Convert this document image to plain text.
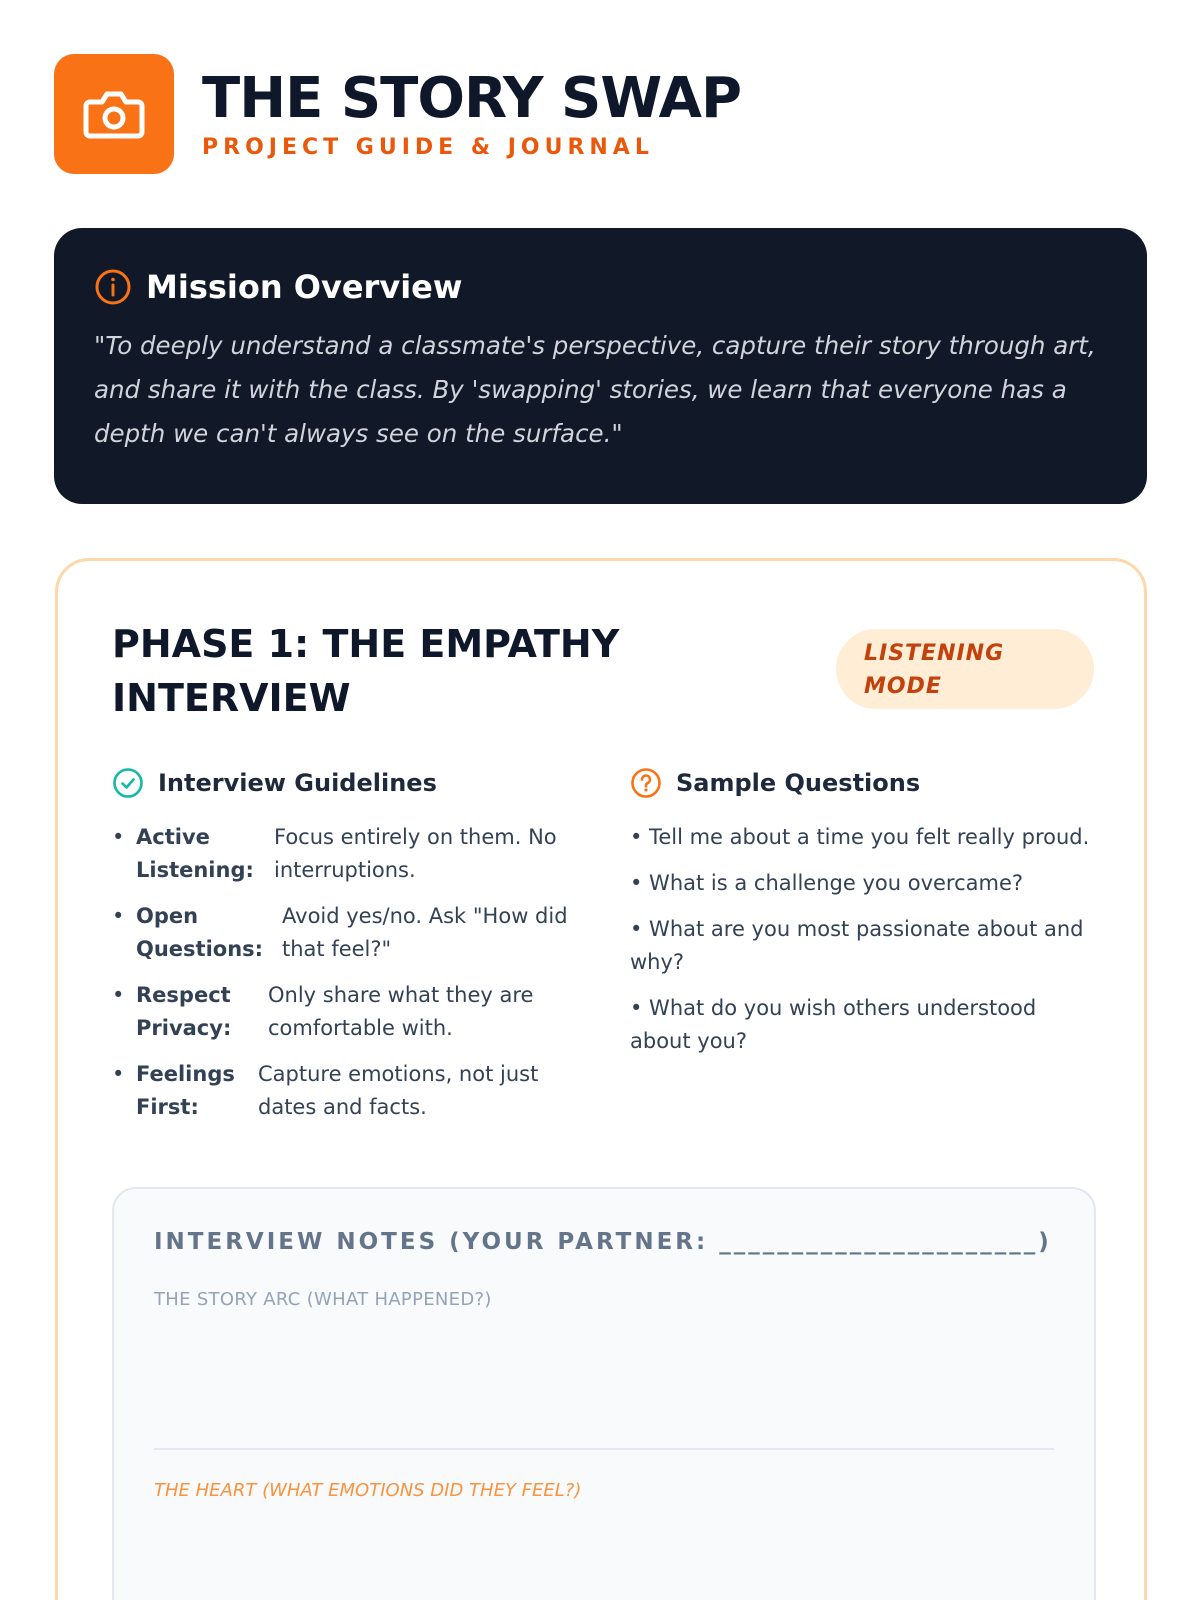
THE STORY SWAP
PROJECT GUIDE & JOURNAL
Mission Overview
"To deeply understand a classmate's perspective, capture their story through art, and share it with the class. By 'swapping' stories, we learn that everyone has a depth we can't always see on the surface."
PHASE 1: THE EMPATHY INTERVIEW
LISTENING MODE
Interview Guidelines
• Active Listening:
Focus entirely on them. No interruptions.
• Open Questions:
Avoid yes/no. Ask "How did that feel?"
• Respect Privacy:
Only share what they are comfortable with.
• Feelings First:
Capture emotions, not just dates and facts.
Sample Questions
• Tell me about a time you felt really proud.
• What is a challenge you overcame?
• What are you most passionate about and why?
• What do you wish others understood about you?
INTERVIEW NOTES (YOUR PARTNER: ______________________)
THE STORY ARC (WHAT HAPPENED?)
THE HEART (WHAT EMOTIONS DID THEY FEEL?)
